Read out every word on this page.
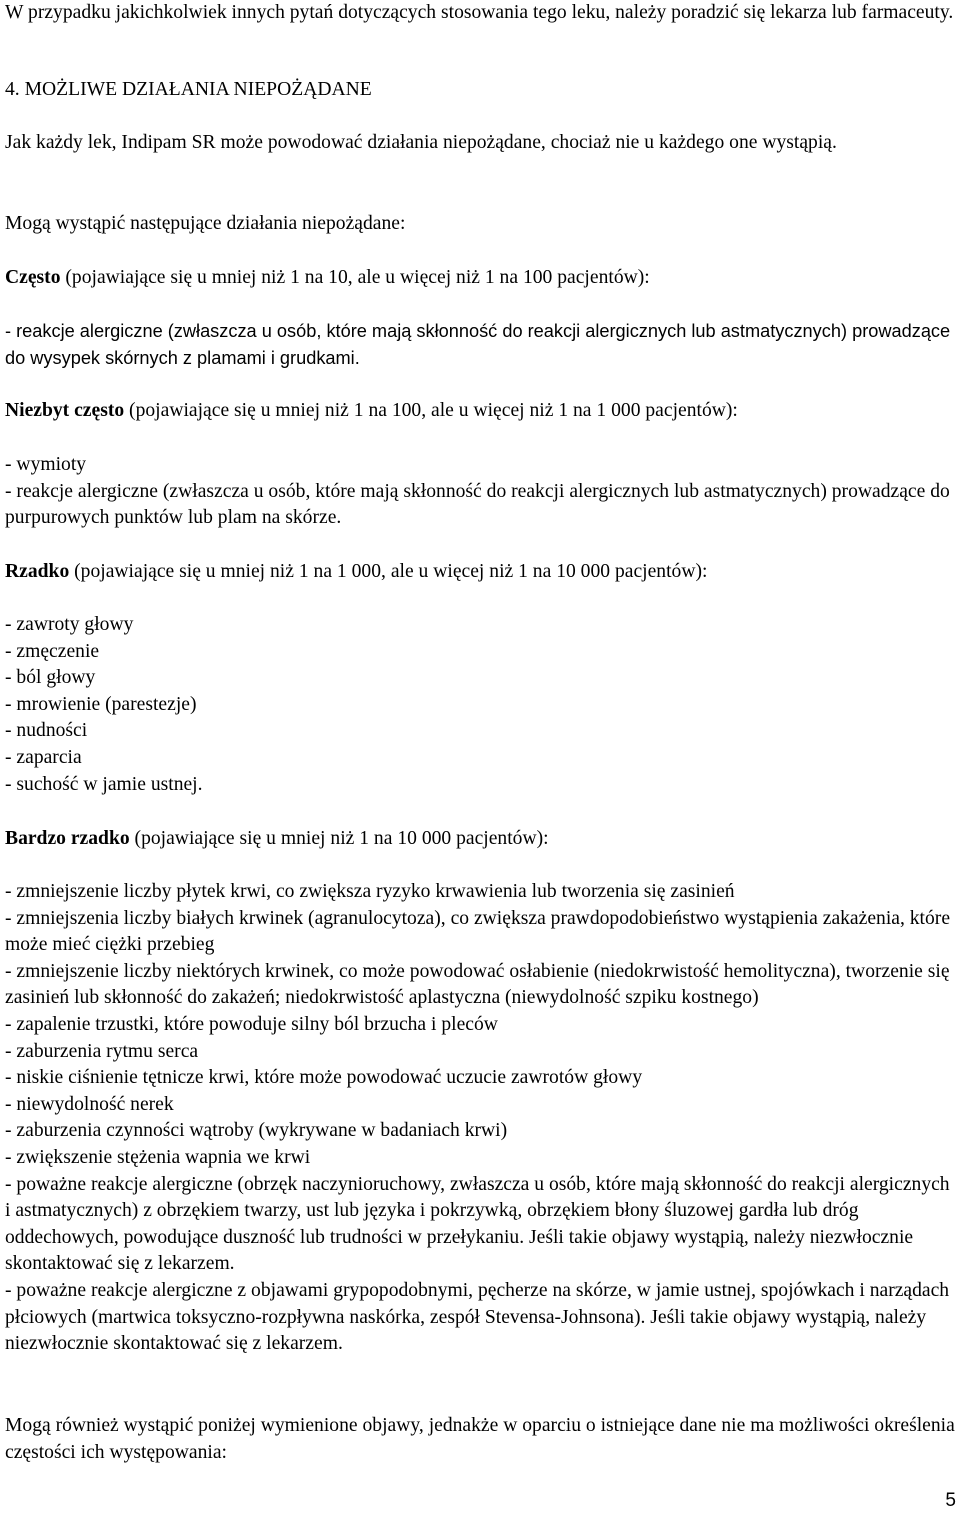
W przypadku jakichkolwiek innych pytań dotyczących stosowania tego leku, należy poradzić się lekarza lub farmaceuty.

4. MOŻLIWE DZIAŁANIA NIEPOŻĄDANE

Jak każdy lek, Indipam SR może powodować działania niepożądane, chociaż nie u każdego one wystąpią.

Mogą wystąpić następujące działania niepożądane:

Często (pojawiające się u mniej niż 1 na 10, ale u więcej niż 1 na 100 pacjentów):

- reakcje alergiczne (zwłaszcza u osób, które mają skłonność do reakcji alergicznych lub astmatycznych) prowadzące do wysypek skórnych z plamami i grudkami.

Niezbyt często (pojawiające się u mniej niż 1 na 100, ale u więcej niż 1 na 1 000 pacjentów):

- wymioty

- reakcje alergiczne (zwłaszcza u osób, które mają skłonność do reakcji alergicznych lub astmatycznych) prowadzące do purpurowych punktów lub plam na skórze.

Rzadko (pojawiające się u mniej niż 1 na 1 000, ale u więcej niż 1 na 10 000 pacjentów):

- zawroty głowy

- zmęczenie

- ból głowy

- mrowienie (parestezje)

- nudności

- zaparcia

- suchość w jamie ustnej.

Bardzo rzadko (pojawiające się u mniej niż 1 na 10 000 pacjentów):

- zmniejszenie liczby płytek krwi, co zwiększa ryzyko krwawienia lub tworzenia się zasinień

- zmniejszenia liczby białych krwinek (agranulocytoza), co zwiększa prawdopodobieństwo wystąpienia zakażenia, które może mieć ciężki przebieg

- zmniejszenie liczby niektórych krwinek, co może powodować osłabienie (niedokrwistość hemolityczna), tworzenie się zasinień lub skłonność do zakażeń; niedokrwistość aplastyczna (niewydolność szpiku kostnego)

- zapalenie trzustki, które powoduje silny ból brzucha i pleców

- zaburzenia rytmu serca

- niskie ciśnienie tętnicze krwi, które może powodować uczucie zawrotów głowy

- niewydolność nerek

- zaburzenia czynności wątroby (wykrywane w badaniach krwi)

- zwiększenie stężenia wapnia we krwi

- poważne reakcje alergiczne (obrzęk naczynioruchowy, zwłaszcza u osób, które mają skłonność do reakcji alergicznych i astmatycznych) z obrzękiem twarzy, ust lub języka i pokrzywką, obrzękiem błony śluzowej gardła lub dróg oddechowych, powodujące duszność lub trudności w przełykaniu. Jeśli takie objawy wystąpią, należy niezwłocznie skontaktować się z lekarzem.

- poważne reakcje alergiczne z objawami grypopodobnymi, pęcherze na skórze, w jamie ustnej, spojówkach i narządach płciowych (martwica toksyczno-rozpływna naskórka, zespół Stevensa-Johnsona). Jeśli takie objawy wystąpią, należy niezwłocznie skontaktować się z lekarzem.

Mogą również wystąpić poniżej wymienione objawy, jednakże w oparciu o istniejące dane nie ma możliwości określenia częstości ich występowania:

5
